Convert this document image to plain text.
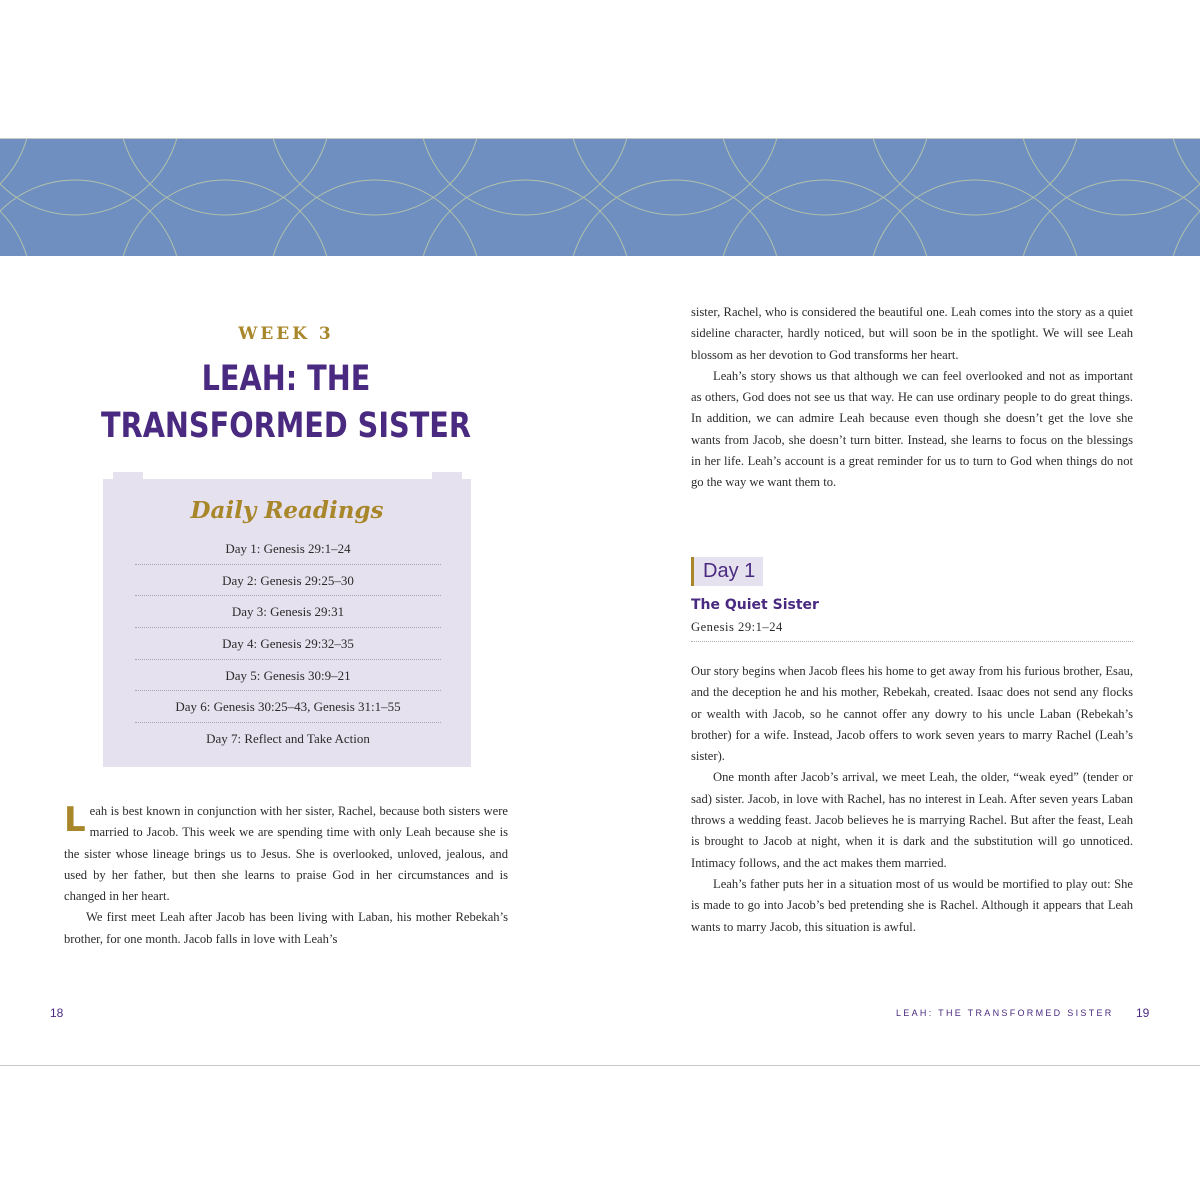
WEEK 3
LEAH: THE
TRANSFORMED SISTER
Daily Readings
Day 1: Genesis 29:1–24
Day 2: Genesis 29:25–30
Day 3: Genesis 29:31
Day 4: Genesis 29:32–35
Day 5: Genesis 30:9–21
Day 6: Genesis 30:25–43, Genesis 31:1–55
Day 7: Reflect and Take Action

Leah is best known in conjunction with her sister, Rachel, because both sisters were married to Jacob. This week we are spending time with only Leah because she is the sister whose lineage brings us to Jesus. She is overlooked, unloved, jealous, and used by her father, but then she learns to praise God in her circumstances and is changed in her heart.

We first meet Leah after Jacob has been living with Laban, his mother Rebekah’s brother, for one month. Jacob falls in love with Leah’s

18

sister, Rachel, who is considered the beautiful one. Leah comes into the story as a quiet sideline character, hardly noticed, but will soon be in the spotlight. We will see Leah blossom as her devotion to God transforms her heart.

Leah’s story shows us that although we can feel overlooked and not as important as others, God does not see us that way. He can use ordinary people to do great things. In addition, we can admire Leah because even though she doesn’t get the love she wants from Jacob, she doesn’t turn bitter. Instead, she learns to focus on the blessings in her life. Leah’s account is a great reminder for us to turn to God when things do not go the way we want them to.

Day 1
The Quiet Sister
Genesis 29:1–24

Our story begins when Jacob flees his home to get away from his furious brother, Esau, and the deception he and his mother, Rebekah, created. Isaac does not send any flocks or wealth with Jacob, so he cannot offer any dowry to his uncle Laban (Rebekah’s brother) for a wife. Instead, Jacob offers to work seven years to marry Rachel (Leah’s sister).

One month after Jacob’s arrival, we meet Leah, the older, “weak eyed” (tender or sad) sister. Jacob, in love with Rachel, has no interest in Leah. After seven years Laban throws a wedding feast. Jacob believes he is marrying Rachel. But after the feast, Leah is brought to Jacob at night, when it is dark and the substitution will go unnoticed. Intimacy follows, and the act makes them married.

Leah’s father puts her in a situation most of us would be mortified to play out: She is made to go into Jacob’s bed pretending she is Rachel. Although it appears that Leah wants to marry Jacob, this situation is awful.

LEAH: THE TRANSFORMED SISTER 19
